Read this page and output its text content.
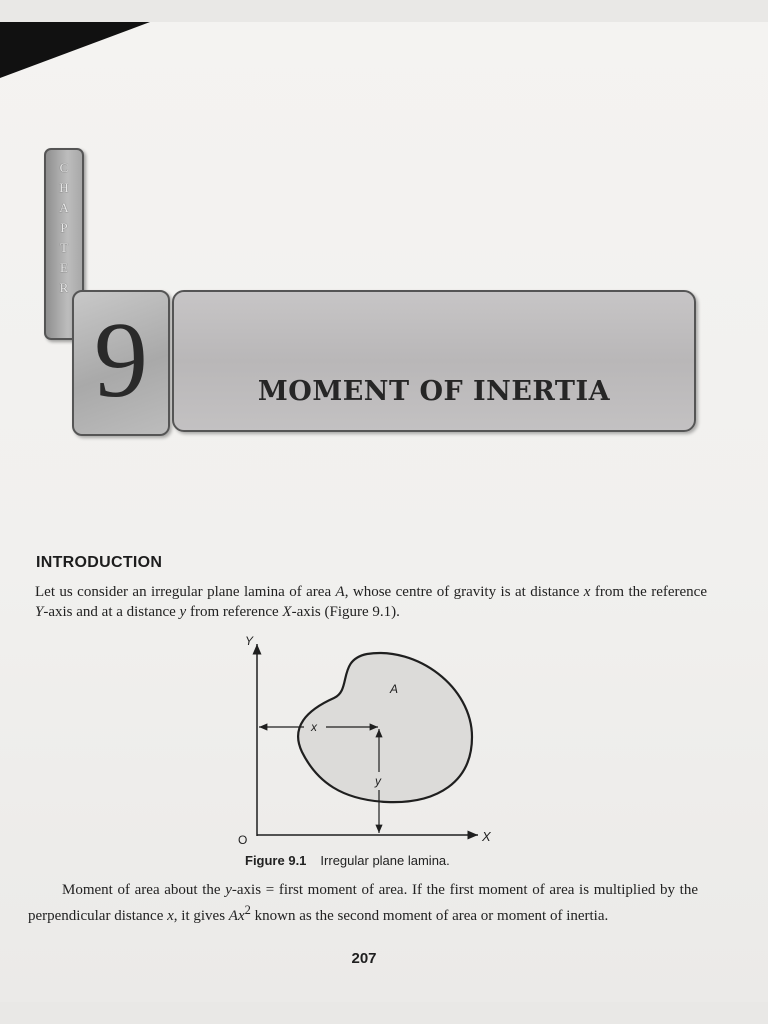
C
H
A
P
T
E
R
9	MOMENT OF INERTIA
INTRODUCTION
Let us consider an irregular plane lamina of area A, whose centre of gravity is at distance x from the reference Y-axis and at a distance y from reference X-axis (Figure 9.1).
Y
X
O
A
x
y
Figure 9.1 Irregular plane lamina.
Moment of area about the y-axis = first moment of area. If the first moment of area is multiplied by the perpendicular distance x, it gives Ax$^2$ known as the second moment of area or moment of inertia.
207
